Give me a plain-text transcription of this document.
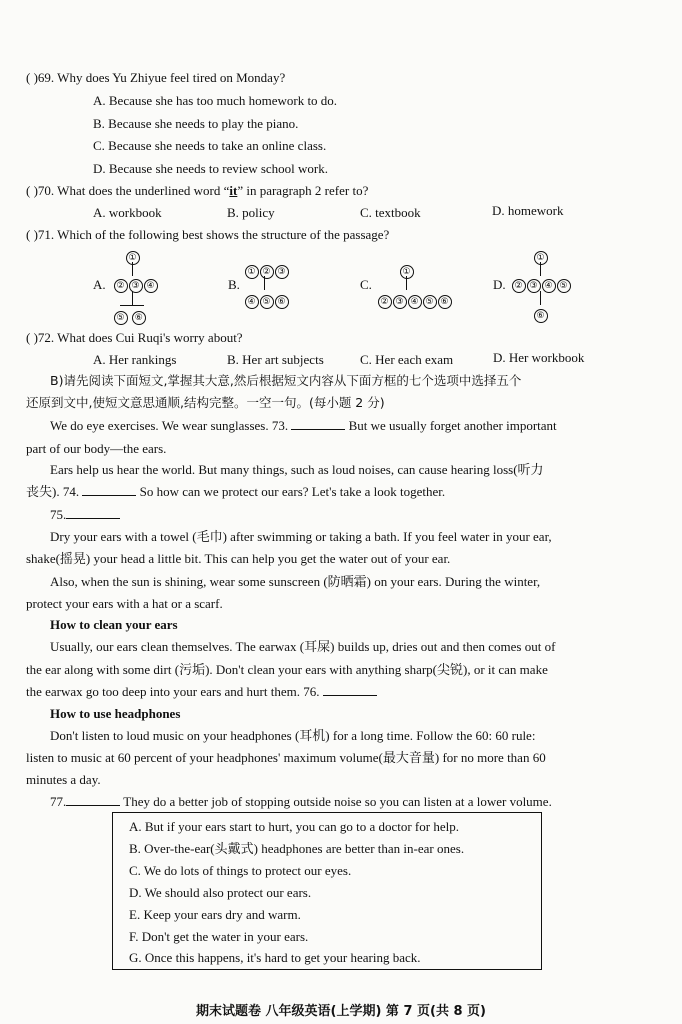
( )69. Why does Yu Zhiyue feel tired on Monday?
A. Because she has too much homework to do.
B. Because she needs to play the piano.
C. Because she needs to take an online class.
D. Because she needs to review school work.
( )70. What does the underlined word “it” in paragraph 2 refer to?
A. workbook	B. policy	C. textbook	D. homework
( )71. Which of the following best shows the structure of the passage?
A.
①
② ③ ④
⑤ ⑥
B.
① ② ③
④ ⑤ ⑥
C.
①
② ③ ④ ⑤ ⑥
D.
①
② ③ ④ ⑤
⑥
( )72. What does Cui Ruqi's worry about?
A. Her rankings	B. Her art subjects	C. Her each exam	D. Her workbook
B)请先阅读下面短文,掌握其大意,然后根据短文内容从下面方框的七个选项中选择五个
还原到文中,使短文意思通顺,结构完整。一空一句。(每小题 2 分)
We do eye exercises. We wear sunglasses. 73.	But we usually forget another important
part of our body—the ears.
Ears help us hear the world. But many things, such as loud noises, can cause hearing loss(听力
丧失). 74.	So how can we protect our ears? Let's take a look together.
75.
Dry your ears with a towel (毛巾) after swimming or taking a bath. If you feel water in your ear,
shake(摇晃) your head a little bit. This can help you get the water out of your ear.
Also, when the sun is shining, wear some sunscreen (防晒霜) on your ears. During the winter,
protect your ears with a hat or a scarf.
How to clean your ears
Usually, our ears clean themselves. The earwax (耳屎) builds up, dries out and then comes out of
the ear along with some dirt (污垢). Don't clean your ears with anything sharp(尖锐), or it can make
the earwax go too deep into your ears and hurt them. 76.
How to use headphones
Don't listen to loud music on your headphones (耳机) for a long time. Follow the 60: 60 rule:
listen to music at 60 percent of your headphones' maximum volume(最大音量) for no more than 60
minutes a day.
77.	They do a better job of stopping outside noise so you can listen at a lower volume.
A. But if your ears start to hurt, you can go to a doctor for help.
B. Over-the-ear(头戴式) headphones are better than in-ear ones.
C. We do lots of things to protect our eyes.
D. We should also protect our ears.
E. Keep your ears dry and warm.
F. Don't get the water in your ears.
G. Once this happens, it's hard to get your hearing back.
期末试题卷 八年级英语(上学期) 第 7 页(共 8 页)
